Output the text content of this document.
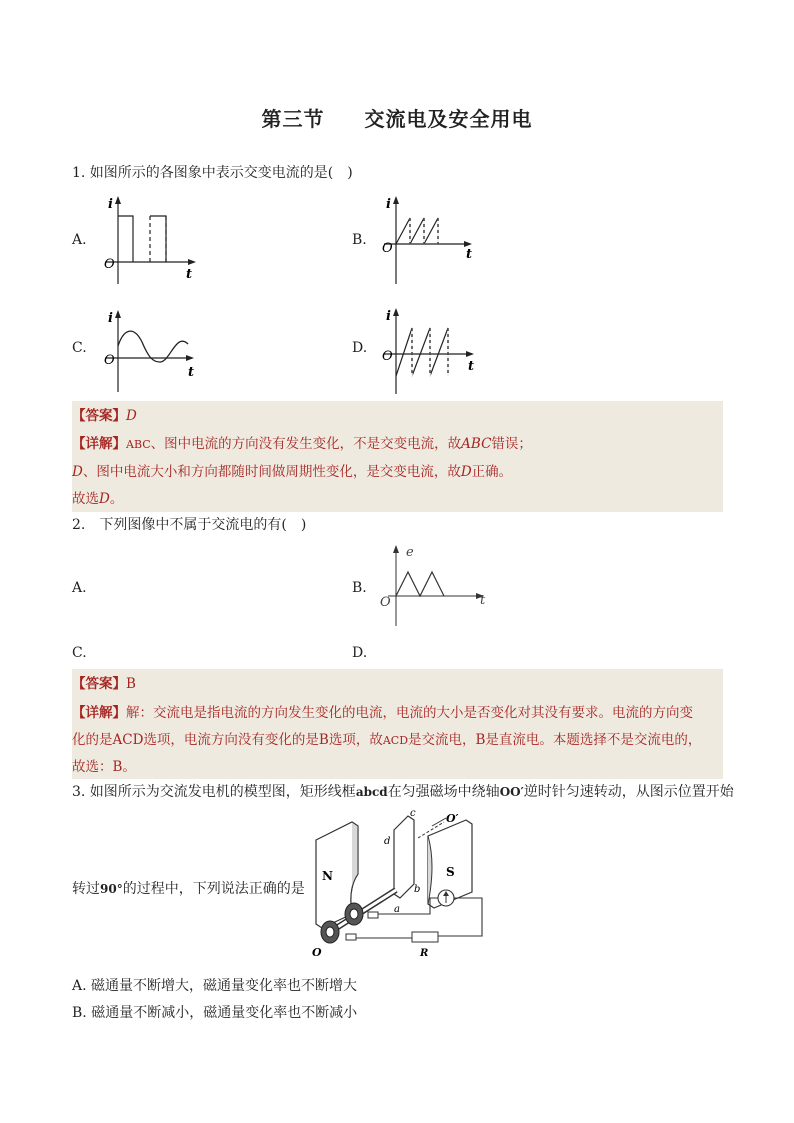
第三节 交流电及安全用电
1. 如图所示的各图象中表示交变电流的是(　)
A.
i
O
t
B.
i
O	t
C.
i
O
t
D.
i
O
t
【答案】D
【详解】ABC、图中电流的方向没有发生变化，不是交变电流，故ABC错误；
D、图中电流大小和方向都随时间做周期性变化，是交变电流，故D正确。
故选D。
2.　下列图像中不属于交流电的有(　)
A.	B.
e
O	t
C.	D.
【答案】B
【详解】解：交流电是指电流的方向发生变化的电流，电流的大小是否变化对其没有要求。电流的方向变
化的是ACD选项，电流方向没有变化的是B选项，故ACD是交流电，B是直流电。本题选择不是交流电的，
故选：B。
3. 如图所示为交流发电机的模型图，矩形线框abcd在匀强磁场中绕轴OO′逆时针匀速转动，从图示位置开始
转过90°的过程中，下列说法正确的是
N	S
O′
c
d
b
a
R
O
A. 磁通量不断增大，磁通量变化率也不断增大
B. 磁通量不断减小，磁通量变化率也不断减小
